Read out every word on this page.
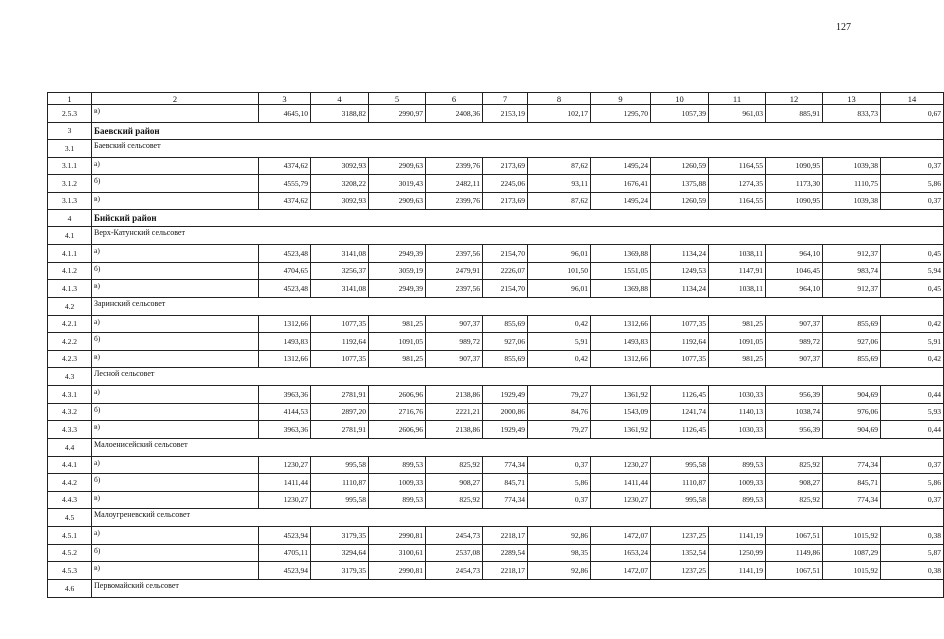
127
1	2	3	4	5	6	7	8	9	10	11	12	13	14
2.5.3	в)	4645,10	3188,82	2990,97	2408,36	2153,19	102,17	1295,70	1057,39	961,03	885,91	833,73	0,67
3	Баевский район												
3.1	Баевский сельсовет												
3.1.1	а)	4374,62	3092,93	2909,63	2399,76	2173,69	87,62	1495,24	1260,59	1164,55	1090,95	1039,38	0,37
3.1.2	б)	4555,79	3208,22	3019,43	2482,11	2245,06	93,11	1676,41	1375,88	1274,35	1173,30	1110,75	5,86
3.1.3	в)	4374,62	3092,93	2909,63	2399,76	2173,69	87,62	1495,24	1260,59	1164,55	1090,95	1039,38	0,37
4	Бийский район												
4.1	Верх-Катунский сельсовет												
4.1.1	а)	4523,48	3141,08	2949,39	2397,56	2154,70	96,01	1369,88	1134,24	1038,11	964,10	912,37	0,45
4.1.2	б)	4704,65	3256,37	3059,19	2479,91	2226,07	101,50	1551,05	1249,53	1147,91	1046,45	983,74	5,94
4.1.3	в)	4523,48	3141,08	2949,39	2397,56	2154,70	96,01	1369,88	1134,24	1038,11	964,10	912,37	0,45
4.2	Заринский сельсовет												
4.2.1	а)	1312,66	1077,35	981,25	907,37	855,69	0,42	1312,66	1077,35	981,25	907,37	855,69	0,42
4.2.2	б)	1493,83	1192,64	1091,05	989,72	927,06	5,91	1493,83	1192,64	1091,05	989,72	927,06	5,91
4.2.3	в)	1312,66	1077,35	981,25	907,37	855,69	0,42	1312,66	1077,35	981,25	907,37	855,69	0,42
4.3	Лесной сельсовет												
4.3.1	а)	3963,36	2781,91	2606,96	2138,86	1929,49	79,27	1361,92	1126,45	1030,33	956,39	904,69	0,44
4.3.2	б)	4144,53	2897,20	2716,76	2221,21	2000,86	84,76	1543,09	1241,74	1140,13	1038,74	976,06	5,93
4.3.3	в)	3963,36	2781,91	2606,96	2138,86	1929,49	79,27	1361,92	1126,45	1030,33	956,39	904,69	0,44
4.4	Малоенисейский сельсовет												
4.4.1	а)	1230,27	995,58	899,53	825,92	774,34	0,37	1230,27	995,58	899,53	825,92	774,34	0,37
4.4.2	б)	1411,44	1110,87	1009,33	908,27	845,71	5,86	1411,44	1110,87	1009,33	908,27	845,71	5,86
4.4.3	в)	1230,27	995,58	899,53	825,92	774,34	0,37	1230,27	995,58	899,53	825,92	774,34	0,37
4.5	Малоугреневский сельсовет												
4.5.1	а)	4523,94	3179,35	2990,81	2454,73	2218,17	92,86	1472,07	1237,25	1141,19	1067,51	1015,92	0,38
4.5.2	б)	4705,11	3294,64	3100,61	2537,08	2289,54	98,35	1653,24	1352,54	1250,99	1149,86	1087,29	5,87
4.5.3	в)	4523,94	3179,35	2990,81	2454,73	2218,17	92,86	1472,07	1237,25	1141,19	1067,51	1015,92	0,38
4.6	Первомайский сельсовет												
